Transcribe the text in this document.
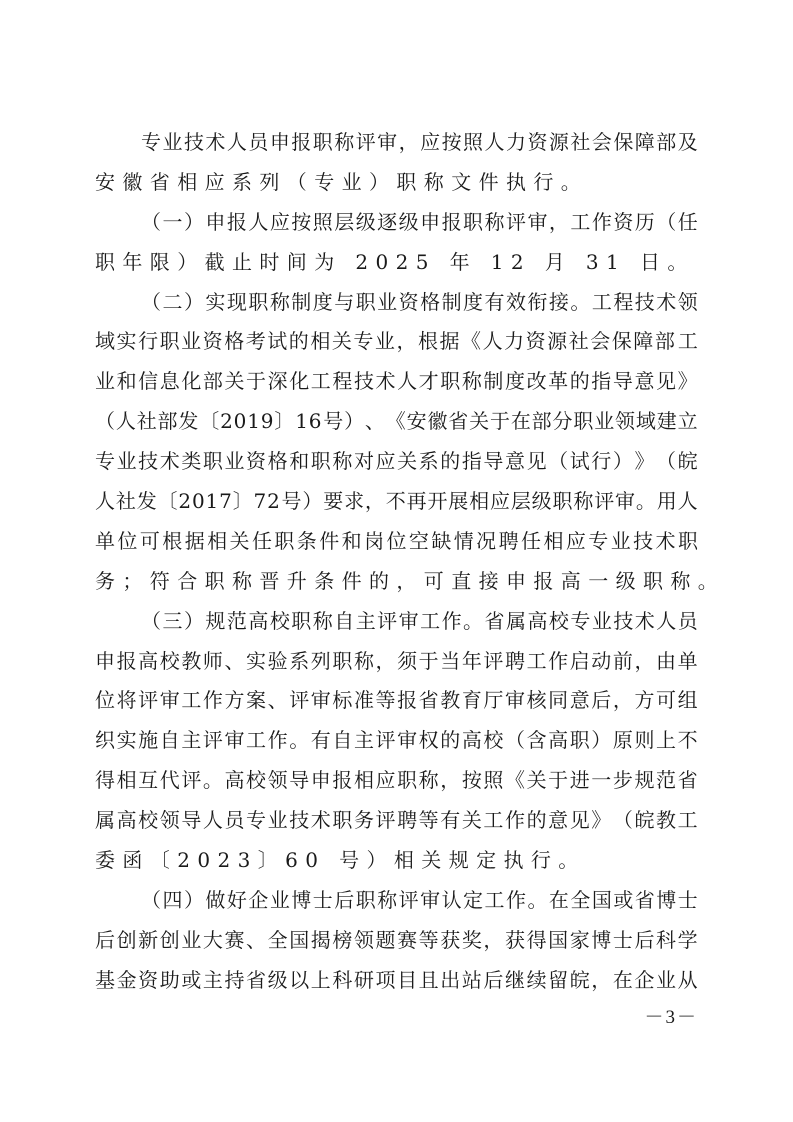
专 业 技 术 人 员 申 报 职 称 评 审 ， 应 按 照 人 力 资 源 社 会 保 障 部 及
安徽省相应系列（专业）职称文件执行。
（ 一 ） 申 报 人 应 按 照 层 级 逐 级 申 报 职 称 评 审 ， 工 作 资 历 （ 任
职年限）截止时间为 2025 年 12 月 31 日。
（ 二 ） 实 现 职 称 制 度 与 职 业 资 格 制 度 有 效 衔 接 。 工 程 技 术 领
域 实 行 职 业 资 格 考 试 的 相 关 专 业 ， 根 据 《 人 力 资 源 社 会 保 障 部
工
业 和 信 息 化 部 关 于 深 化 工 程 技 术 人 才 职 称 制 度 改 革 的 指 导 意 见 》
（ 人 社 部 发 〔 2 0 1 9 〕 1 6
号 ） 、 《 安 徽 省 关 于 在 部 分 职 业 领 域 建 立
专 业 技 术 类 职 业 资 格 和 职 称 对 应 关 系 的 指 导 意 见 （ 试 行 ） 》 （ 皖
人 社 发 〔 2 0 1 7 〕 7 2
号 ） 要 求 ， 不 再 开 展 相 应 层 级 职 称 评 审 。 用 人
单 位 可 根 据 相 关 任 职 条 件 和 岗 位 空 缺 情 况 聘 任 相 应 专 业 技 术 职
务；符合职称晋升条件的，可直接申报高一级职称。
（ 三 ） 规 范 高 校 职 称 自 主 评 审 工 作 。 省 属 高 校 专 业 技 术 人 员
申 报 高 校 教 师 、 实 验 系 列 职 称 ， 须 于 当 年 评 聘 工 作 启 动 前 ， 由 单
位 将 评 审 工 作 方 案 、 评 审 标 准 等 报 省 教 育 厅 审 核 同 意 后 ， 方 可 组
织 实 施 自 主 评 审 工 作 。 有 自 主 评 审 权 的 高 校 （ 含 高 职 ） 原 则 上 不
得 相 互 代 评 。 高 校 领 导 申 报 相 应 职 称 ， 按 照 《 关 于 进 一 步 规 范 省
属 高 校 领 导 人 员 专 业 技 术 职 务 评 聘 等 有 关 工 作 的 意 见 》 （ 皖 教 工
委函〔2023〕60 号）相关规定执行。
（ 四 ） 做 好 企 业 博 士 后 职 称 评 审 认 定 工 作 。 在 全 国 或 省 博 士
后 创 新 创 业 大 赛 、 全 国 揭 榜 领 题 赛 等 获 奖 ， 获 得 国 家 博 士 后 科 学
基 金 资 助 或 主 持 省 级 以 上 科 研 项 目 且 出 站 后 继 续 留 皖 ， 在 企 业 从
－3－
